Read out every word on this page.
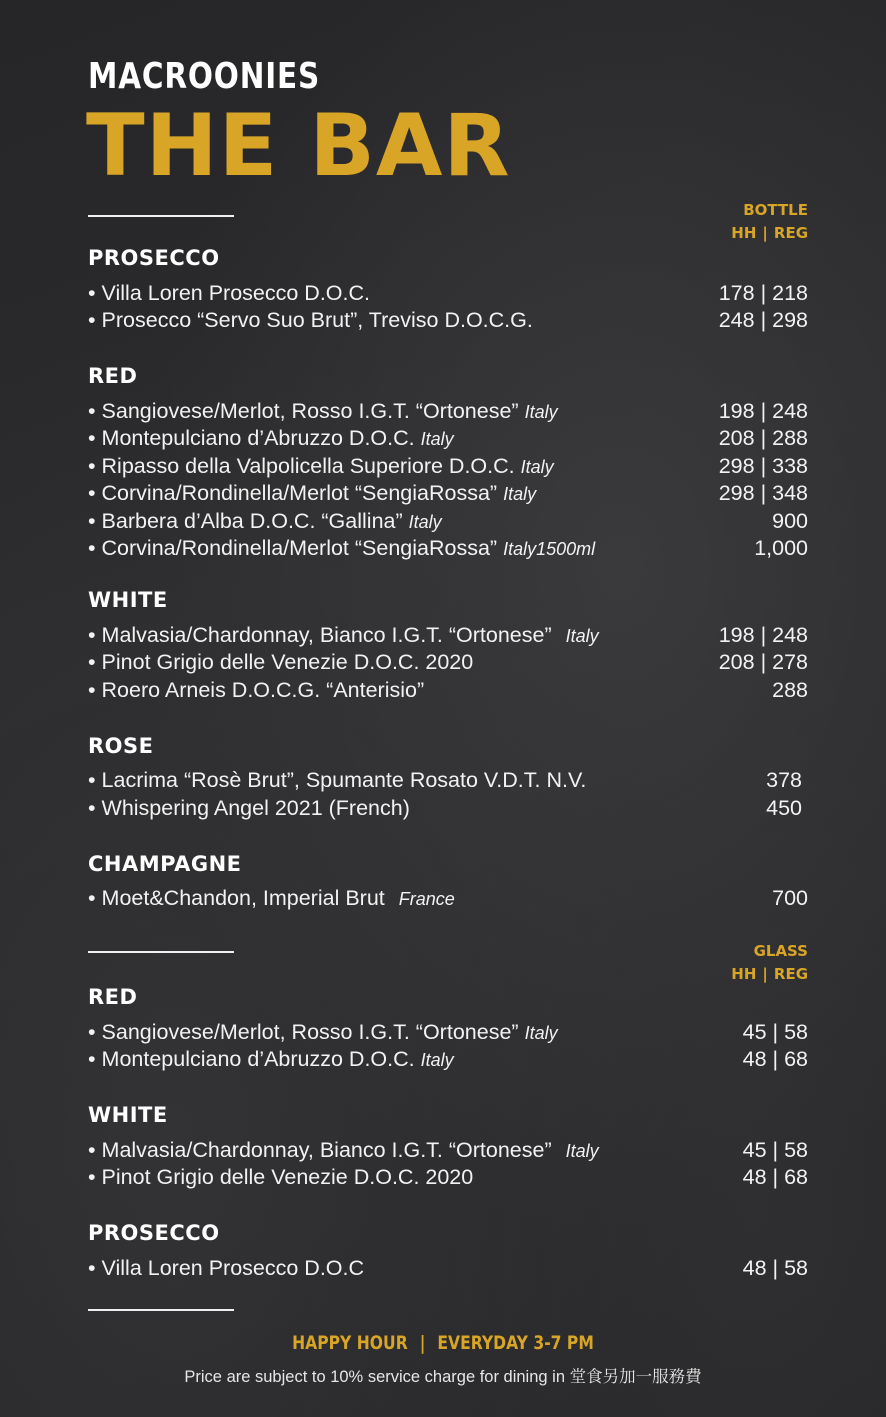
MACROONIES
THE BAR
BOTTLE
HH | REG
PROSECCO
• Villa Loren Prosecco D.O.C.	178 | 218
• Prosecco “Servo Suo Brut”, Treviso D.O.C.G.	248 | 298
RED
• Sangiovese/Merlot, Rosso I.G.T. “Ortonese” Italy	198 | 248
• Montepulciano d’Abruzzo D.O.C. Italy	208 | 288
• Ripasso della Valpolicella Superiore D.O.C. Italy	298 | 338
• Corvina/Rondinella/Merlot “SengiaRossa” Italy	298 | 348
• Barbera d’Alba D.O.C. “Gallina” Italy	900
• Corvina/Rondinella/Merlot “SengiaRossa” Italy1500ml	1,000
WHITE
• Malvasia/Chardonnay, Bianco I.G.T. “Ortonese” Italy	198 | 248
• Pinot Grigio delle Venezie D.O.C. 2020	208 | 278
• Roero Arneis D.O.C.G. “Anterisio”	288
ROSE
• Lacrima “Rosè Brut”, Spumante Rosato V.D.T. N.V.	378
• Whispering Angel 2021 (French)	450
CHAMPAGNE
• Moet&Chandon, Imperial Brut France	700
GLASS
HH | REG
RED
• Sangiovese/Merlot, Rosso I.G.T. “Ortonese” Italy	45 | 58
• Montepulciano d’Abruzzo D.O.C. Italy	48 | 68
WHITE
• Malvasia/Chardonnay, Bianco I.G.T. “Ortonese” Italy	45 | 58
• Pinot Grigio delle Venezie D.O.C. 2020	48 | 68
PROSECCO
• Villa Loren Prosecco D.O.C	48 | 58
HAPPY HOUR | EVERYDAY 3-7 PM
Price are subject to 10% service charge for dining in 堂食另加一服務費
